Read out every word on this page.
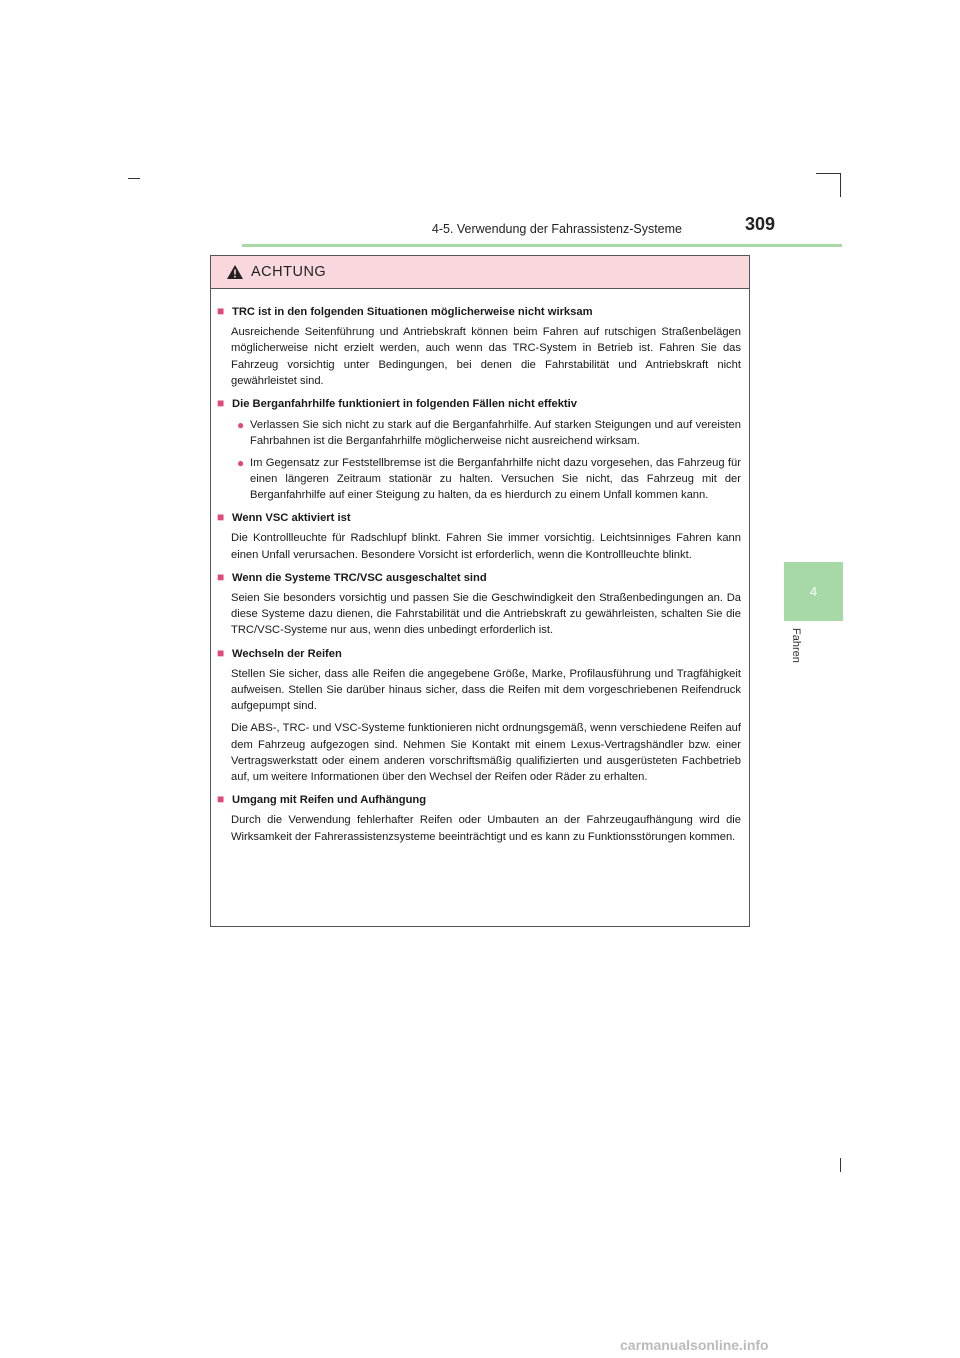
4-5. Verwendung der Fahrassistenz-Systeme	309
4
Fahren
ACHTUNG
■ TRC ist in den folgenden Situationen möglicherweise nicht wirksam
Ausreichende Seitenführung und Antriebskraft können beim Fahren auf rutschigen Straßenbelägen möglicherweise nicht erzielt werden, auch wenn das TRC-System in Betrieb ist. Fahren Sie das Fahrzeug vorsichtig unter Bedingungen, bei denen die Fahrstabilität und Antriebskraft nicht gewährleistet sind.
■ Die Berganfahrhilfe funktioniert in folgenden Fällen nicht effektiv
● Verlassen Sie sich nicht zu stark auf die Berganfahrhilfe. Auf starken Steigungen und auf vereisten Fahrbahnen ist die Berganfahrhilfe möglicherweise nicht ausreichend wirksam.
● Im Gegensatz zur Feststellbremse ist die Berganfahrhilfe nicht dazu vorgesehen, das Fahrzeug für einen längeren Zeitraum stationär zu halten. Versuchen Sie nicht, das Fahrzeug mit der Berganfahrhilfe auf einer Steigung zu halten, da es hierdurch zu einem Unfall kommen kann.
■ Wenn VSC aktiviert ist
Die Kontrollleuchte für Radschlupf blinkt. Fahren Sie immer vorsichtig. Leichtsinniges Fahren kann einen Unfall verursachen. Besondere Vorsicht ist erforderlich, wenn die Kontrollleuchte blinkt.
■ Wenn die Systeme TRC/VSC ausgeschaltet sind
Seien Sie besonders vorsichtig und passen Sie die Geschwindigkeit den Straßenbedingungen an. Da diese Systeme dazu dienen, die Fahrstabilität und die Antriebskraft zu gewährleisten, schalten Sie die TRC/VSC-Systeme nur aus, wenn dies unbedingt erforderlich ist.
■ Wechseln der Reifen
Stellen Sie sicher, dass alle Reifen die angegebene Größe, Marke, Profilausführung und Tragfähigkeit aufweisen. Stellen Sie darüber hinaus sicher, dass die Reifen mit dem vorgeschriebenen Reifendruck aufgepumpt sind.
Die ABS-, TRC- und VSC-Systeme funktionieren nicht ordnungsgemäß, wenn verschiedene Reifen auf dem Fahrzeug aufgezogen sind. Nehmen Sie Kontakt mit einem Lexus-Vertragshändler bzw. einer Vertragswerkstatt oder einem anderen vorschriftsmäßig qualifizierten und ausgerüsteten Fachbetrieb auf, um weitere Informationen über den Wechsel der Reifen oder Räder zu erhalten.
■ Umgang mit Reifen und Aufhängung
Durch die Verwendung fehlerhafter Reifen oder Umbauten an der Fahrzeugaufhängung wird die Wirksamkeit der Fahrerassistenzsysteme beeinträchtigt und es kann zu Funktionsstörungen kommen.
carmanualsonline.info
